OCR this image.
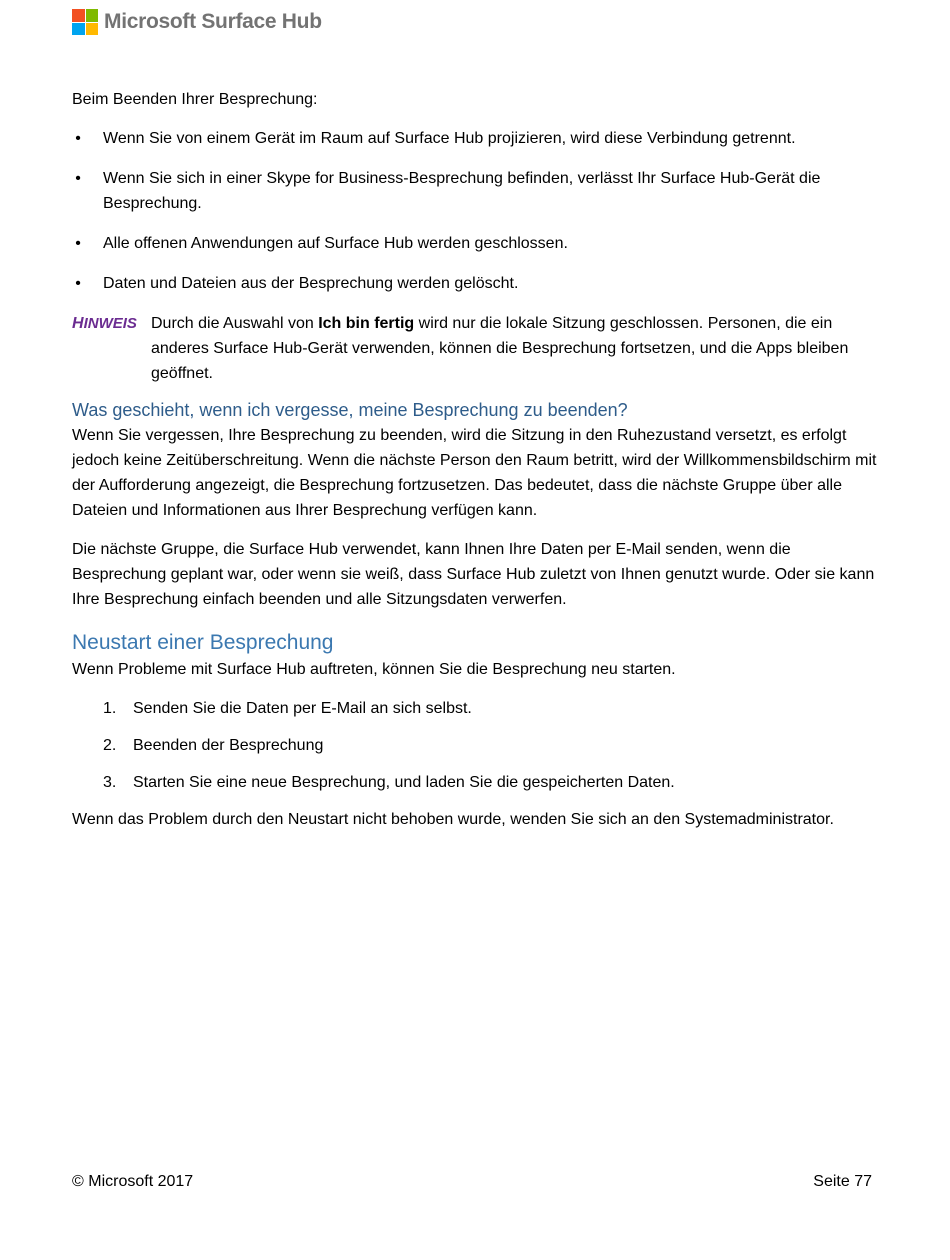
Microsoft Surface Hub

Beim Beenden Ihrer Besprechung:

• Wenn Sie von einem Gerät im Raum auf Surface Hub projizieren, wird diese Verbindung getrennt.
• Wenn Sie sich in einer Skype for Business-Besprechung befinden, verlässt Ihr Surface Hub-Gerät die Besprechung.
• Alle offenen Anwendungen auf Surface Hub werden geschlossen.
• Daten und Dateien aus der Besprechung werden gelöscht.
HINWEIS Durch die Auswahl von Ich bin fertig wird nur die lokale Sitzung geschlossen. Personen, die ein anderes Surface Hub-Gerät verwenden, können die Besprechung fortsetzen, und die Apps bleiben geöffnet.
Was geschieht, wenn ich vergesse, meine Besprechung zu beenden?

Wenn Sie vergessen, Ihre Besprechung zu beenden, wird die Sitzung in den Ruhezustand versetzt, es erfolgt jedoch keine Zeitüberschreitung. Wenn die nächste Person den Raum betritt, wird der Willkommensbildschirm mit der Aufforderung angezeigt, die Besprechung fortzusetzen. Das bedeutet, dass die nächste Gruppe über alle Dateien und Informationen aus Ihrer Besprechung verfügen kann.

Die nächste Gruppe, die Surface Hub verwendet, kann Ihnen Ihre Daten per E-Mail senden, wenn die Besprechung geplant war, oder wenn sie weiß, dass Surface Hub zuletzt von Ihnen genutzt wurde. Oder sie kann Ihre Besprechung einfach beenden und alle Sitzungsdaten verwerfen.

Neustart einer Besprechung

Wenn Probleme mit Surface Hub auftreten, können Sie die Besprechung neu starten.

1.	Senden Sie die Daten per E-Mail an sich selbst.
2.	Beenden der Besprechung
3.	Starten Sie eine neue Besprechung, und laden Sie die gespeicherten Daten.

Wenn das Problem durch den Neustart nicht behoben wurde, wenden Sie sich an den Systemadministrator.

© Microsoft 2017	Seite 77
